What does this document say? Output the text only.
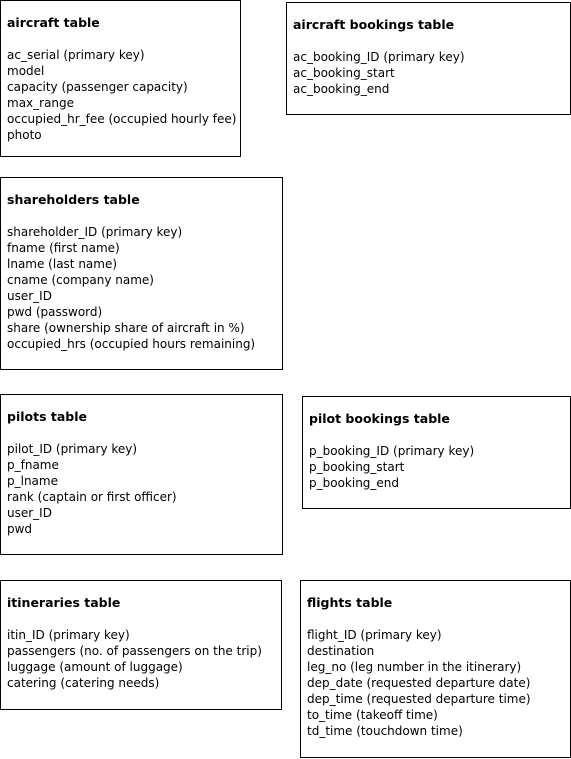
aircraft table
ac_serial (primary key)
model
capacity (passenger capacity)
max_range
occupied_hr_fee (occupied hourly fee)
photo
aircraft bookings table
ac_booking_ID (primary key)
ac_booking_start
ac_booking_end
shareholders table
shareholder_ID (primary key)
fname (first name)
lname (last name)
cname (company name)
user_ID
pwd (password)
share (ownership share of aircraft in %)
occupied_hrs (occupied hours remaining)
pilots table
pilot_ID (primary key)
p_fname
p_lname
rank (captain or first officer)
user_ID
pwd
pilot bookings table
p_booking_ID (primary key)
p_booking_start
p_booking_end
itineraries table
itin_ID (primary key)
passengers (no. of passengers on the trip)
luggage (amount of luggage)
catering (catering needs)
flights table
flight_ID (primary key)
destination
leg_no (leg number in the itinerary)
dep_date (requested departure date)
dep_time (requested departure time)
to_time (takeoff time)
td_time (touchdown time)
